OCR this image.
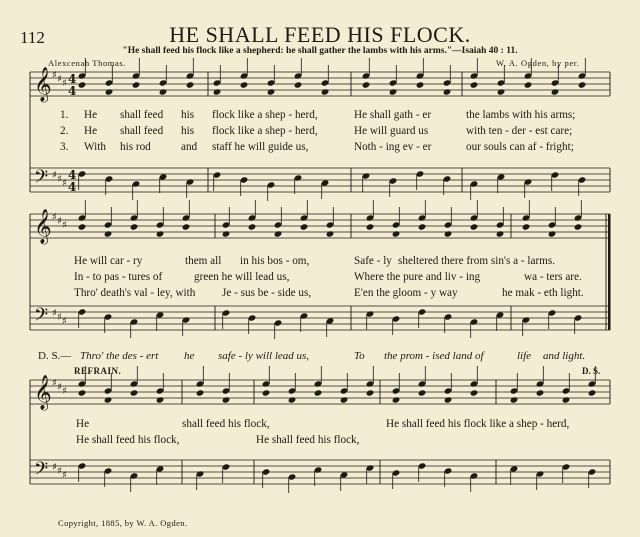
112	HE SHALL FEED HIS FLOCK.
"He shall feed his flock like a shepherd: he shall gather the lambs with his arms."—Isaiah 40 : 11.
Alexcenah Thomas.	W. A. Ogden, by per.
𝄞
𝄢
♯
♯
♯
♯
♯
♯
𝄞
𝄢
♯
♯
♯
♯
♯
♯
𝄞
𝄢
♯
♯
♯
♯
♯
♯
4
4
4
4
1. He shall feed his flock like a shep - herd,	He shall gath - er	the lambs with his arms;
2. He shall feed his flock like a shep - herd,	He will guard us	with ten - der - est care;
3. With his rod	and staff he will guide us,	Noth - ing ev - er	our souls can af - fright;
He will car - ry	them all in his bos - om,	Safe - ly sheltered there from sin's a - larms.
In - to pas - tures of	green he will lead us,	Where the pure and liv - ing	wa - ters are.
Thro' death's val - ley, with Je - sus be - side us,	E'en the gloom - y way	he mak - eth light.
D. S.— Thro' the des - ert he safe - ly will lead us,	To the prom - ised land of	life and light.
REFRAIN.	D. S.
He	shall feed his flock,	He shall feed his flock like a shep - herd,
He shall feed his flock,	He shall feed his flock,
Copyright, 1885, by W. A. Ogden.
